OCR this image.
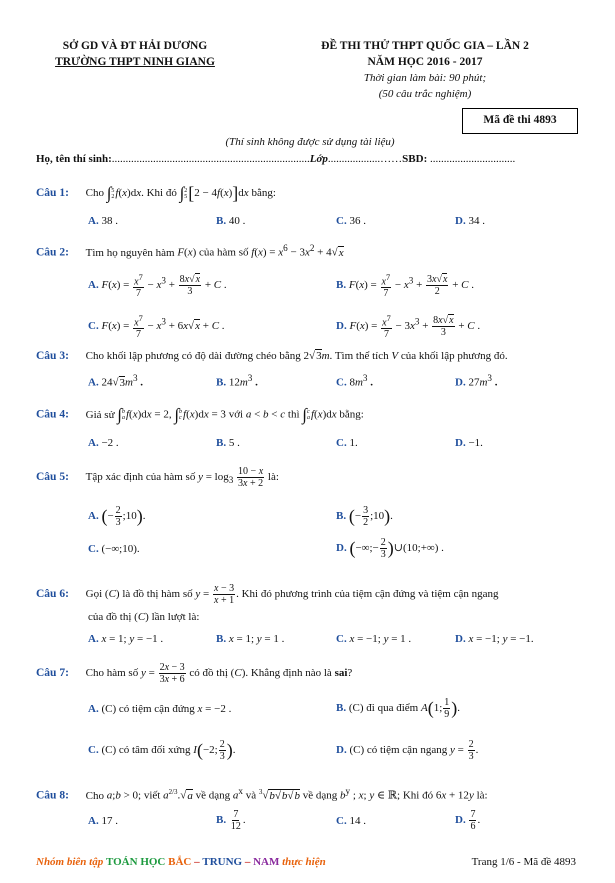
SỞ GD VÀ ĐT HẢI DƯƠNG
TRƯỜNG THPT NINH GIANG
ĐỀ THI THỬ THPT QUỐC GIA – LẦN 2
NĂM HỌC 2016 - 2017
Thời gian làm bài: 90 phút;
(50 câu trắc nghiệm)
Mã đề thi 4893
(Thí sinh không được sử dụng tài liệu)
Họ, tên thí sinh:........................................................................Lớp...................……SBD: ...............................
Câu 1: Cho ∫ 5
2 f(x)dx. Khi đó ∫ 2
5 [2 − 4f(x)]dx bằng:
A. 38 .	B. 40 .	C. 36 .	D. 34 .
Câu 2: Tìm họ nguyên hàm F(x) của hàm số $f(x) = x^6 - 3x^2 + 4√x$
A. $F(x) = \frac{x^7}{7} - x^3 + \frac{8x√x}{3} + C$ .	B. $F(x) = \frac{x^7}{7} - x^3 + \frac{3x√x}{2} + C$ .
C. $F(x) = \frac{x^7}{7} - x^3 + 6x√x + C$ .	D. $F(x) = \frac{x^7}{7} - 3x^3 + \frac{8x√x}{3} + C$ .
Câu 3: Cho khối lập phương có độ dài đường chéo bằng 2√3m. Tìm thể tích V của khối lập phương đó.
A. $24√3m^3$ .	B. $12m^3$ .	C. $8m^3$ .	D. $27m^3$ .
Câu 4: Giả sử ∫ b
a f(x)dx = 2, ∫ b
c f(x)dx = 3 với a < b < c thì ∫ c
a f(x)dx bằng:
A. −2 .	B. 5 .	C. 1.	D. −1.
Câu 5: Tập xác định của hàm số $y = \log_3 \frac{10 - x}{3x + 2}$ là:
A. (− $\frac{2}{3}$ ;10).	B. (− $\frac{3}{2}$ ;10).
C. (−∞;10).	D. (−∞;− $\frac{2}{3}$ )∪(10;+∞) .
Câu 6: Gọi (C) là đồ thị hàm số $y = \frac{x - 3}{x + 1}$ . Khi đó phương trình của tiệm cận đứng và tiệm cận ngang
của đồ thị (C) lần lượt là:
A. x = 1; y = −1 .	B. x = 1; y = 1 .	C. x = −1; y = 1 .	D. x = −1; y = −1.
Câu 7: Cho hàm số $y = \frac{2x - 3}{3x + 6}$ có đồ thị (C). Khẳng định nào là sai?
A. (C) có tiệm cận đứng x = −2 .	B. (C) đi qua điểm A(1; $\frac{1}{9}$ ).
C. (C) có tâm đối xứng I(−2; $\frac{2}{3}$ ).	D. (C) có tiệm cận ngang $y = \frac{2}{3}$ .
Câu 8: Cho a;b > 0; viết $a^{2/3}.√a$ về dạng $a^x$ và $^3$√b√b√b về dạng $b^y$ ; x; y ∈ ℝ; Khi đó 6x + 12y là:
A. 17 .	B. $\frac{7}{12}$ .	C. 14 .	D. $\frac{7}{6}$ .
Nhóm biên tập TOÁN HỌC BẮC – TRUNG – NAM thực hiện	Trang 1/6 - Mã đề 4893
